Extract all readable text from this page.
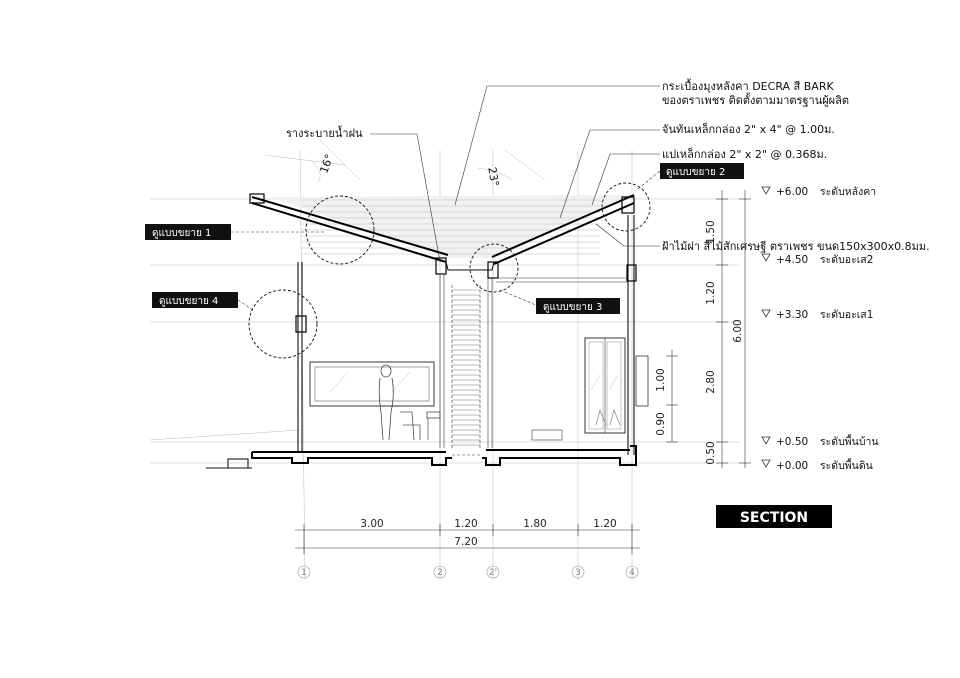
16°
23°
ดูแบบขยาย 1
ดูแบบขยาย 2
ดูแบบขยาย 3
ดูแบบขยาย 4
กระเบื้องมุงหลังคา DECRA สี BARK
ของตราเพชร ติดตั้งตามมาตรฐานผู้ผลิต
จันทันเหล็กกล่อง 2" x 4" @ 1.00ม.
แปเหล็กกล่อง 2" x 2" @ 0.368ม.
รางระบายน้ำฝน
ฝ้าไม้ฝา สีไม้สักเศรษฐี ตราเพชร ขนด150x300x0.8มม.
+6.00 ระดับหลังคา
+4.50 ระดับอะเส2
+3.30 ระดับอะเส1
+0.50 ระดับพื้นบ้าน
+0.00 ระดับพื้นดิน
1.50
1.20
2.80
0.50
6.00
1.00
0.90
3.00	1.20	1.80	1.20
7.20
1	2	2'	3	4
SECTION
